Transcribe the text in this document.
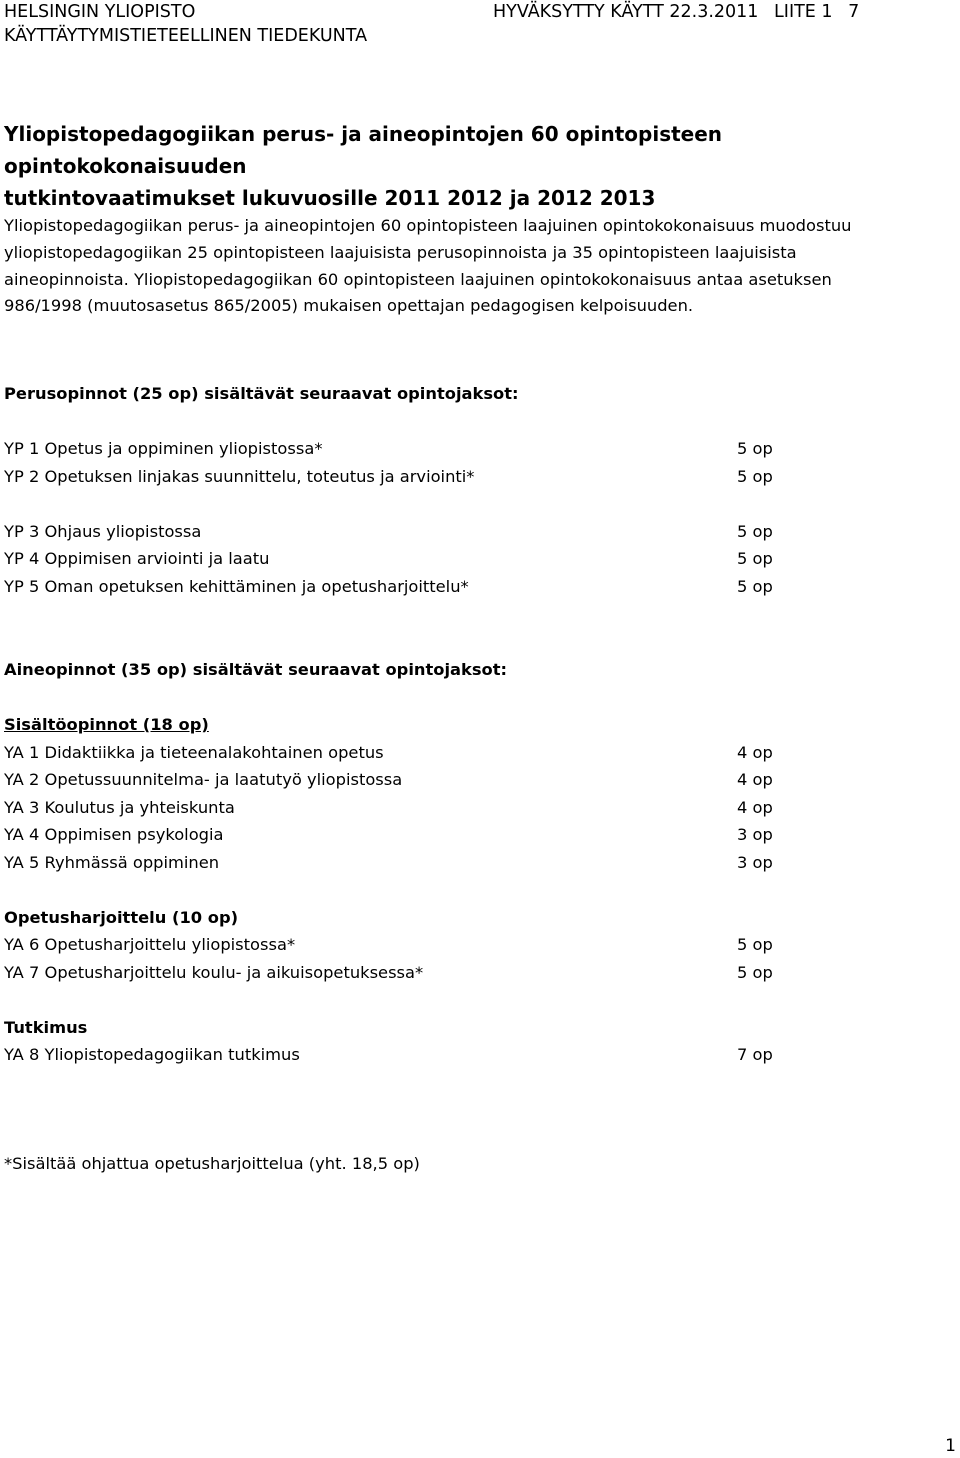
HELSINGIN YLIOPISTO
KÄYTTÄYTYMISTIETEELLINEN TIEDEKUNTA
HYVÄKSYTTY KÄYTT 22.3.2011 LIITE 1 7
Yliopistopedagogiikan perus- ja aineopintojen 60 opintopisteen opintokokonaisuuden
tutkintovaatimukset lukuvuosille 2011 2012 ja 2012 2013
Yliopistopedagogiikan perus- ja aineopintojen 60 opintopisteen laajuinen opintokokonaisuus muodostuu
yliopistopedagogiikan 25 opintopisteen laajuisista perusopinnoista ja 35 opintopisteen laajuisista
aineopinnoista. Yliopistopedagogiikan 60 opintopisteen laajuinen opintokokonaisuus antaa asetuksen
986/1998 (muutosasetus 865/2005) mukaisen opettajan pedagogisen kelpoisuuden.
Perusopinnot (25 op) sisältävät seuraavat opintojaksot:
YP 1 Opetus ja oppiminen yliopistossa*	5 op
YP 2 Opetuksen linjakas suunnittelu, toteutus ja arviointi*	5 op
YP 3 Ohjaus yliopistossa	5 op
YP 4 Oppimisen arviointi ja laatu	5 op
YP 5 Oman opetuksen kehittäminen ja opetusharjoittelu*	5 op
Aineopinnot (35 op) sisältävät seuraavat opintojaksot:
Sisältöopinnot (18 op)
YA 1 Didaktiikka ja tieteenalakohtainen opetus	4 op
YA 2 Opetussuunnitelma- ja laatutyö yliopistossa	4 op
YA 3 Koulutus ja yhteiskunta	4 op
YA 4 Oppimisen psykologia	3 op
YA 5 Ryhmässä oppiminen	3 op
Opetusharjoittelu (10 op)
YA 6 Opetusharjoittelu yliopistossa*	5 op
YA 7 Opetusharjoittelu koulu- ja aikuisopetuksessa*	5 op
Tutkimus
YA 8 Yliopistopedagogiikan tutkimus	7 op
*Sisältää ohjattua opetusharjoittelua (yht. 18,5 op)
1
